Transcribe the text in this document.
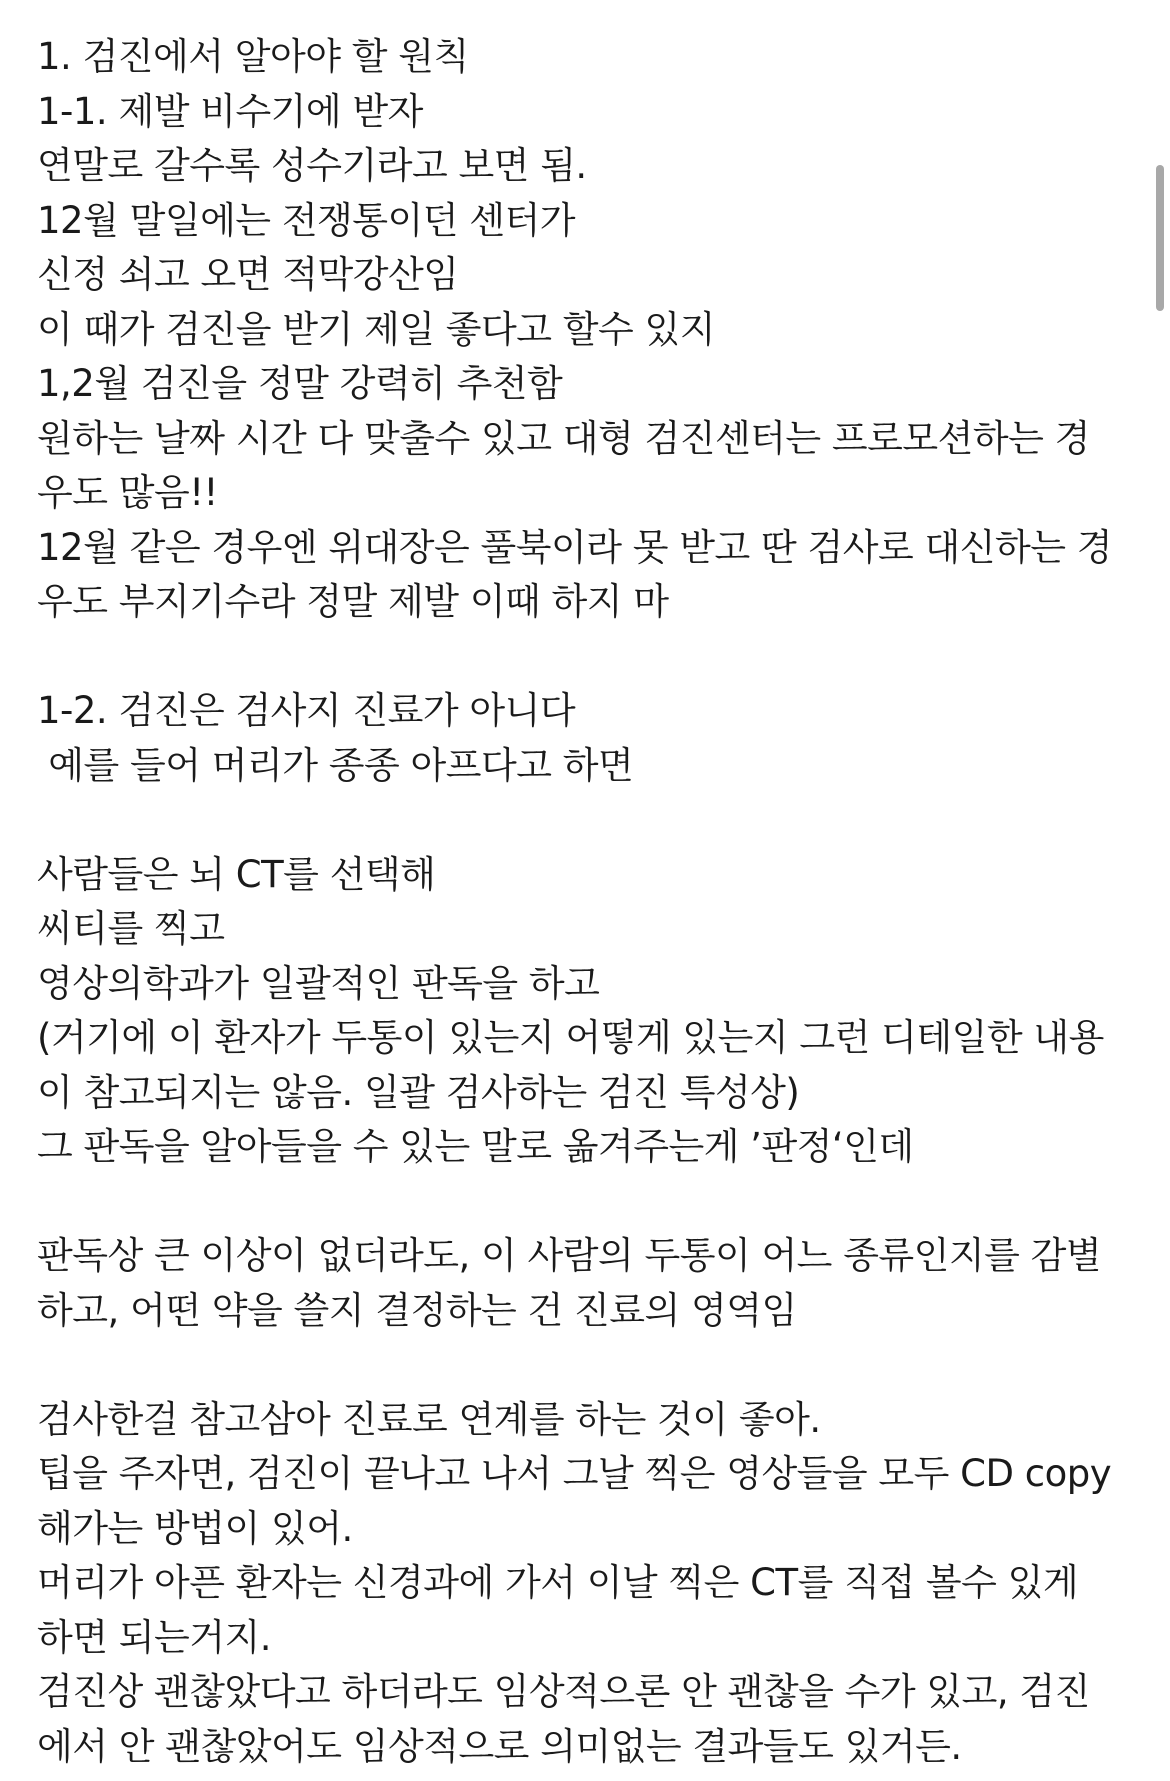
1. 검진에서 알아야 할 원칙
1-1. 제발 비수기에 받자
연말로 갈수록 성수기라고 보면 됨.
12월 말일에는 전쟁통이던 센터가
신정 쇠고 오면 적막강산임
이 때가 검진을 받기 제일 좋다고 할수 있지
1,2월 검진을 정말 강력히 추천함
원하는 날짜 시간 다 맞출수 있고 대형 검진센터는 프로모션하는 경
우도 많음!!
12월 같은 경우엔 위대장은 풀북이라 못 받고 딴 검사로 대신하는 경
우도 부지기수라 정말 제발 이때 하지 마
1-2. 검진은 검사지 진료가 아니다
예를 들어 머리가 종종 아프다고 하면
사람들은 뇌 CT를 선택해
씨티를 찍고
영상의학과가 일괄적인 판독을 하고
(거기에 이 환자가 두통이 있는지 어떻게 있는지 그런 디테일한 내용
이 참고되지는 않음. 일괄 검사하는 검진 특성상)
그 판독을 알아들을 수 있는 말로 옮겨주는게 ’판정‘인데
판독상 큰 이상이 없더라도, 이 사람의 두통이 어느 종류인지를 감별
하고, 어떤 약을 쓸지 결정하는 건 진료의 영역임
검사한걸 참고삼아 진료로 연계를 하는 것이 좋아.
팁을 주자면, 검진이 끝나고 나서 그날 찍은 영상들을 모두 CD copy
해가는 방법이 있어.
머리가 아픈 환자는 신경과에 가서 이날 찍은 CT를 직접 볼수 있게
하면 되는거지.
검진상 괜찮았다고 하더라도 임상적으론 안 괜찮을 수가 있고, 검진
에서 안 괜찮았어도 임상적으로 의미없는 결과들도 있거든.
